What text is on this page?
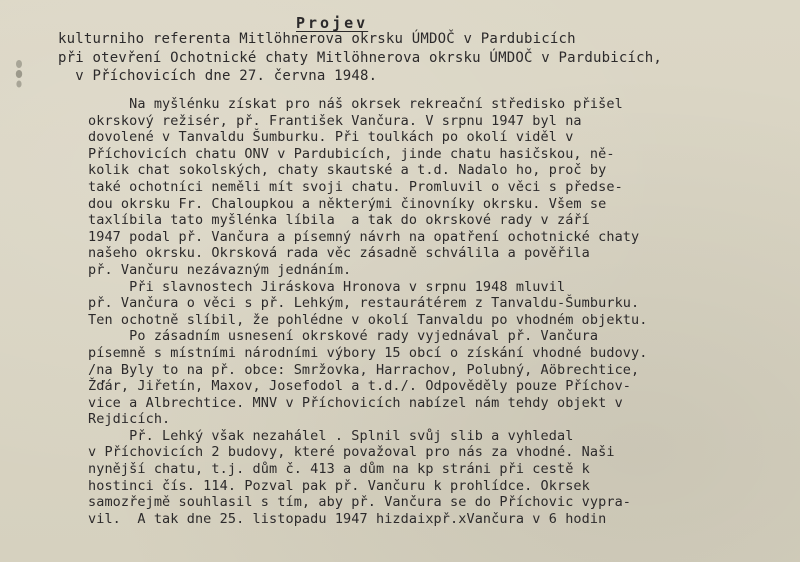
Projev
kulturniho referenta Mitlöhnerova okrsku ÚMDOČ v Pardubicích
při otevření Ochotnické chaty Mitlöhnerova okrsku ÚMDOČ v Pardubicích,
v Příchovicích dne 27. června 1948.
Na myšlénku získat pro náš okrsek rekreační středisko přišel
okrskový režisér, př. František Vančura. V srpnu 1947 byl na
dovolené v Tanvaldu Šumburku. Při toulkách po okolí viděl v
Příchovicích chatu ONV v Pardubicích, jinde chatu hasičskou, ně-
kolik chat sokolských, chaty skautské a t.d. Nadalo ho, proč by
také ochotníci neměli mít svoji chatu. Promluvil o věci s předse-
dou okrsku Fr. Chaloupkou a některými činovníky okrsku. Všem se
taxlíbila tato myšlénka líbila  a tak do okrskové rady v září
1947 podal př. Vančura a písemný návrh na opatření ochotnické chaty
našeho okrsku. Okrsková rada věc zásadně schválila a pověřila
př. Vančuru nezávazným jednáním.
Při slavnostech Jiráskova Hronova v srpnu 1948 mluvil
př. Vančura o věci s př. Lehkým, restaurátérem z Tanvaldu-Šumburku.
Ten ochotně slíbil, že pohlédne v okolí Tanvaldu po vhodném objektu.
Po zásadním usnesení okrskové rady vyjednával př. Vančura
písemně s místními národními výbory 15 obcí o získání vhodné budovy.
/na Byly to na př. obce: Smržovka, Harrachov, Polubný, Aöbrechtice,
Žďár, Jiřetín, Maxov, Josefodol a t.d./. Odpověděly pouze Příchov-
vice a Albrechtice. MNV v Příchovicích nabízel nám tehdy objekt v
Rejdicích.
Př. Lehký však nezahálel . Splnil svůj slib a vyhledal
v Příchovicích 2 budovy, které považoval pro nás za vhodné. Naši
nynější chatu, t.j. dům č. 413 a dům na kp stráni při cestě k
hostinci čís. 114. Pozval pak př. Vančuru k prohlídce. Okrsek
samozřejmě souhlasil s tím, aby př. Vančura se do Příchovic vypra-
vil.  A tak dne 25. listopadu 1947 hizdaixpř.xVančura v 6 hodin
